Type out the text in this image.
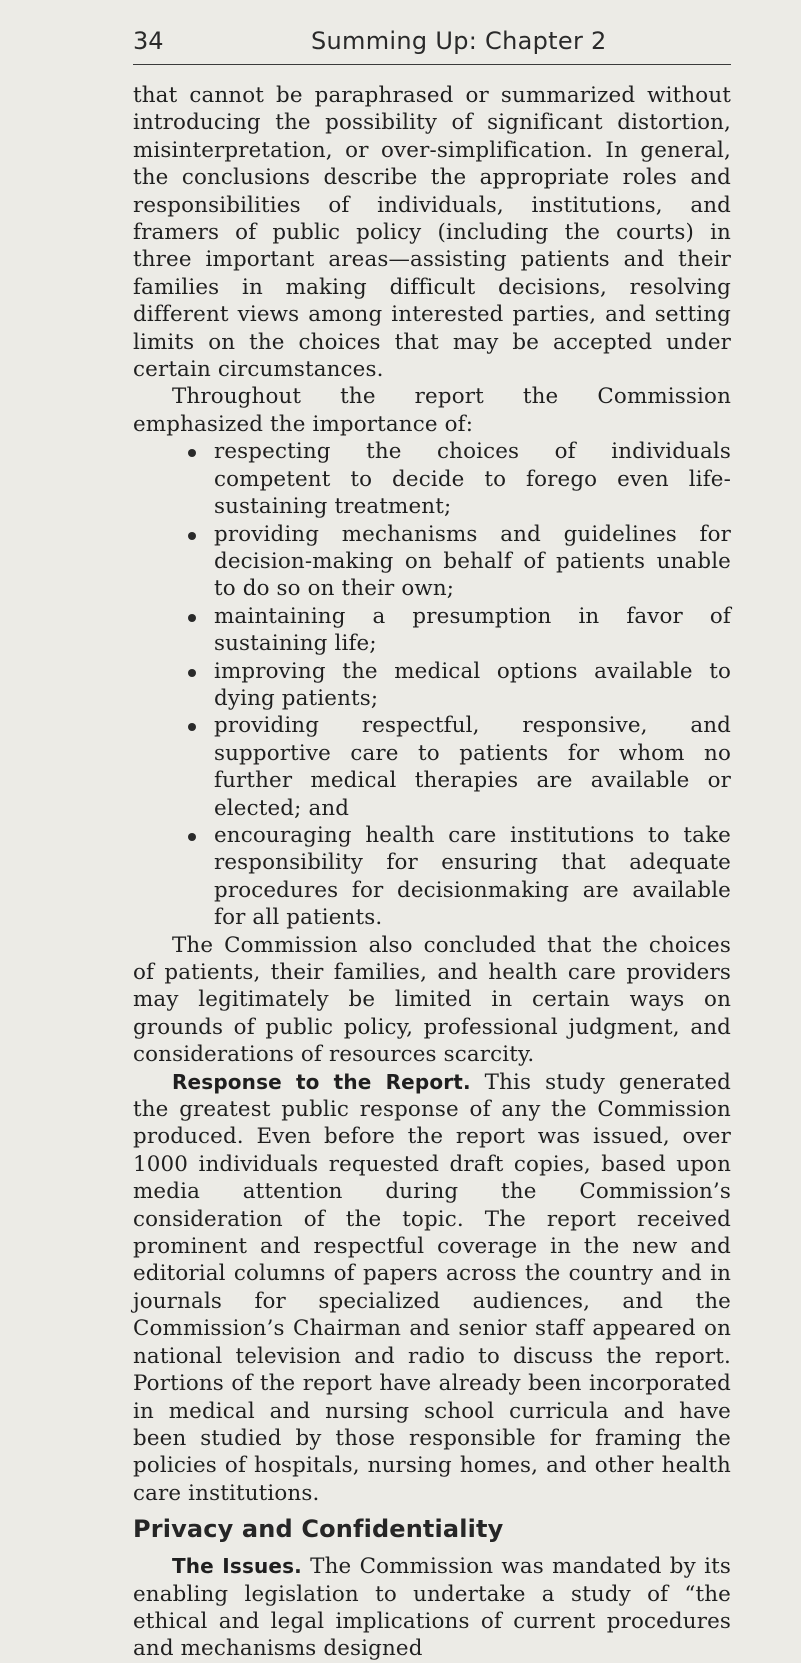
34	Summing Up: Chapter 2

that cannot be paraphrased or summarized without introducing the possibility of significant distortion, misinterpretation, or over-simplification. In general, the conclusions describe the appropriate roles and responsibilities of individuals, institutions, and framers of public policy (including the courts) in three important areas—assisting patients and their families in making difficult decisions, resolving different views among interested parties, and setting limits on the choices that may be accepted under certain circumstances.

Throughout the report the Commission emphasized the importance of:

respecting the choices of individuals competent to decide to forego even life-sustaining treatment;
providing mechanisms and guidelines for decision-making on behalf of patients unable to do so on their own;
maintaining a presumption in favor of sustaining life;
improving the medical options available to dying patients;
providing respectful, responsive, and supportive care to patients for whom no further medical therapies are available or elected; and
encouraging health care institutions to take responsibility for ensuring that adequate procedures for decisionmaking are available for all patients.

The Commission also concluded that the choices of patients, their families, and health care providers may legitimately be limited in certain ways on grounds of public policy, professional judgment, and considerations of resources scarcity.

Response to the Report. This study generated the greatest public response of any the Commission produced. Even before the report was issued, over 1000 individuals requested draft copies, based upon media attention during the Commission’s consideration of the topic. The report received prominent and respectful coverage in the new and editorial columns of papers across the country and in journals for specialized audiences, and the Commission’s Chairman and senior staff appeared on national television and radio to discuss the report. Portions of the report have already been incorporated in medical and nursing school curricula and have been studied by those responsible for framing the policies of hospitals, nursing homes, and other health care institutions.

Privacy and Confidentiality

The Issues. The Commission was mandated by its enabling legislation to undertake a study of “the ethical and legal implications of current procedures and mechanisms designed
